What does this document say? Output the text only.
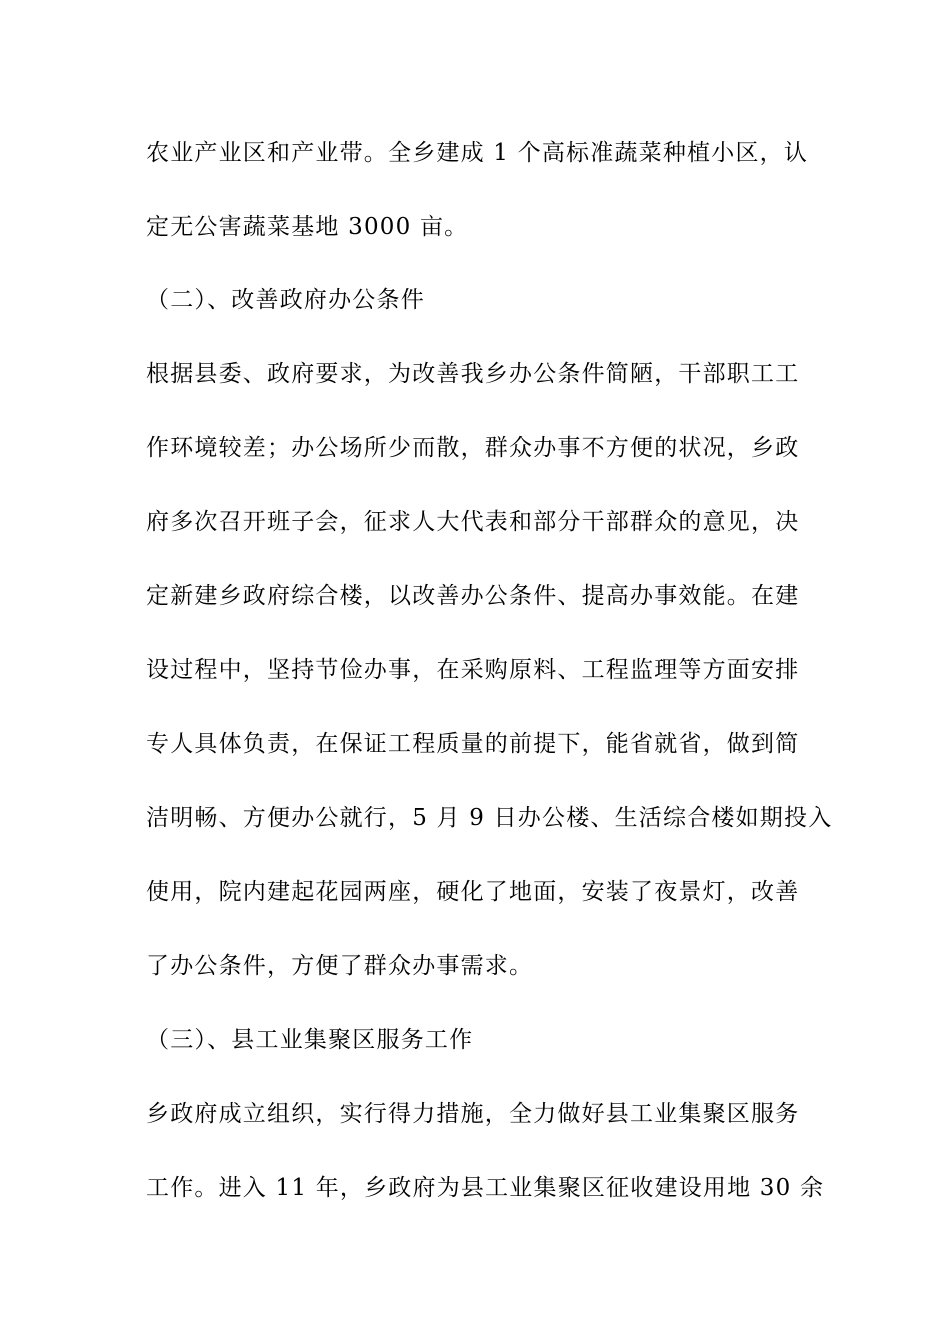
农业产业区和产业带。全乡建成 1 个高标准蔬菜种植小区，认
定无公害蔬菜基地 3000 亩。
（二）、改善政府办公条件
根据县委、政府要求，为改善我乡办公条件简陋，干部职工工
作环境较差；办公场所少而散，群众办事不方便的状况，乡政
府多次召开班子会，征求人大代表和部分干部群众的意见，决
定新建乡政府综合楼，以改善办公条件、提高办事效能。在建
设过程中，坚持节俭办事，在采购原料、工程监理等方面安排
专人具体负责，在保证工程质量的前提下，能省就省，做到简
洁明畅、方便办公就行，5 月 9 日办公楼、生活综合楼如期投入
使用，院内建起花园两座，硬化了地面，安装了夜景灯，改善
了办公条件，方便了群众办事需求。
（三）、县工业集聚区服务工作
乡政府成立组织，实行得力措施，全力做好县工业集聚区服务
工作。进入 11 年，乡政府为县工业集聚区征收建设用地 30 余
